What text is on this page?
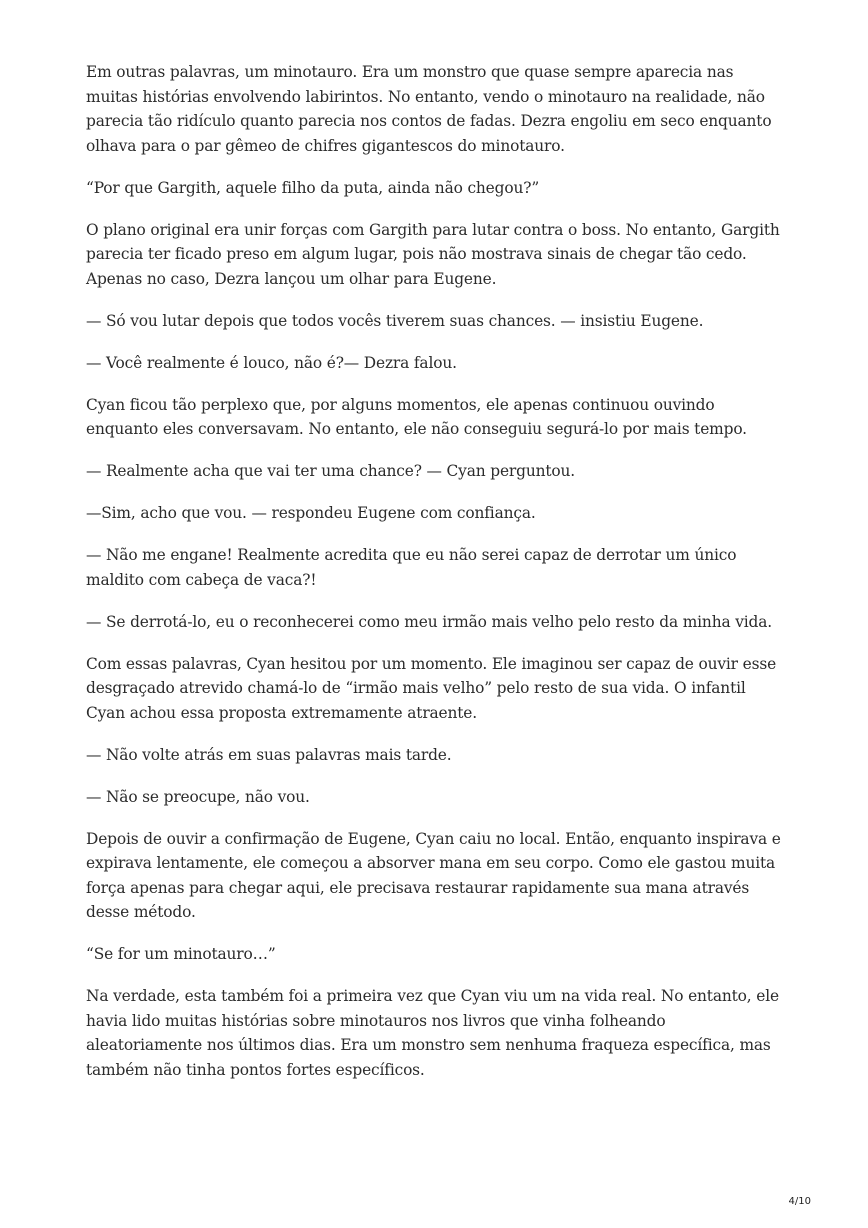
Em outras palavras, um minotauro. Era um monstro que quase sempre aparecia nas muitas histórias envolvendo labirintos. No entanto, vendo o minotauro na realidade, não parecia tão ridículo quanto parecia nos contos de fadas. Dezra engoliu em seco enquanto olhava para o par gêmeo de chifres gigantescos do minotauro.

“Por que Gargith, aquele filho da puta, ainda não chegou?”

O plano original era unir forças com Gargith para lutar contra o boss. No entanto, Gargith parecia ter ficado preso em algum lugar, pois não mostrava sinais de chegar tão cedo. Apenas no caso, Dezra lançou um olhar para Eugene.

— Só vou lutar depois que todos vocês tiverem suas chances. — insistiu Eugene.

— Você realmente é louco, não é?— Dezra falou.

Cyan ficou tão perplexo que, por alguns momentos, ele apenas continuou ouvindo enquanto eles conversavam. No entanto, ele não conseguiu segurá-lo por mais tempo.

— Realmente acha que vai ter uma chance? — Cyan perguntou.

—Sim, acho que vou. — respondeu Eugene com confiança.

— Não me engane! Realmente acredita que eu não serei capaz de derrotar um único maldito com cabeça de vaca?!

— Se derrotá-lo, eu o reconhecerei como meu irmão mais velho pelo resto da minha vida.

Com essas palavras, Cyan hesitou por um momento. Ele imaginou ser capaz de ouvir esse desgraçado atrevido chamá-lo de “irmão mais velho” pelo resto de sua vida. O infantil Cyan achou essa proposta extremamente atraente.

— Não volte atrás em suas palavras mais tarde.

— Não se preocupe, não vou.

Depois de ouvir a confirmação de Eugene, Cyan caiu no local. Então, enquanto inspirava e expirava lentamente, ele começou a absorver mana em seu corpo. Como ele gastou muita força apenas para chegar aqui, ele precisava restaurar rapidamente sua mana através desse método.

“Se for um minotauro…”

Na verdade, esta também foi a primeira vez que Cyan viu um na vida real. No entanto, ele havia lido muitas histórias sobre minotauros nos livros que vinha folheando aleatoriamente nos últimos dias. Era um monstro sem nenhuma fraqueza específica, mas também não tinha pontos fortes específicos.

4/10
